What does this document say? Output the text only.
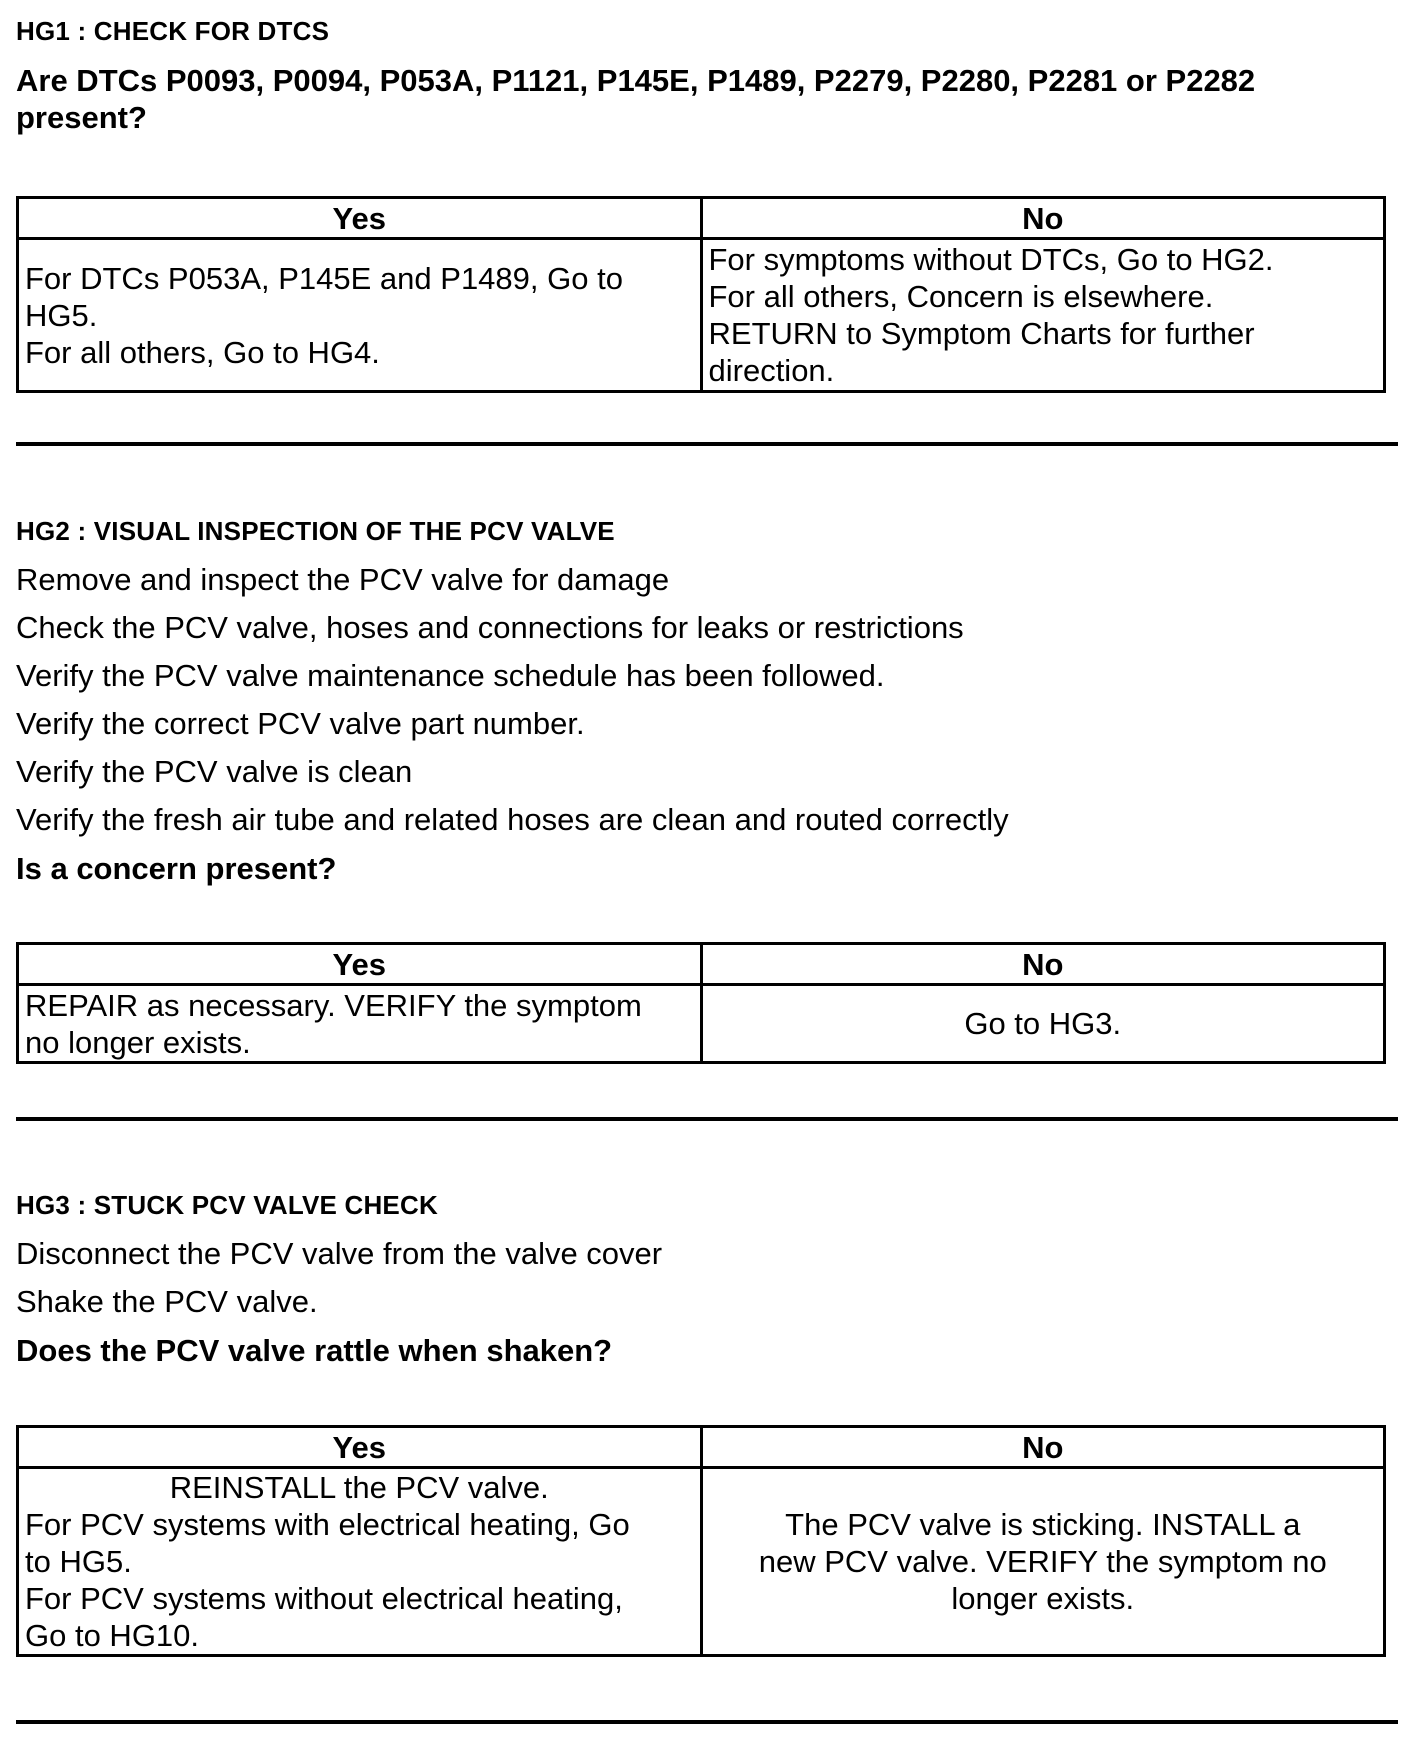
HG1 : CHECK FOR DTCS

Are DTCs P0093, P0094, P053A, P1121, P145E, P1489, P2279, P2280, P2281 or P2282 present?

Yes	No

For DTCs P053A, P145E and P1489, Go to
HG5.
For all others, Go to HG4.	For symptoms without DTCs, Go to HG2.
For all others, Concern is elsewhere.
RETURN to Symptom Charts for further
direction.

HG2 : VISUAL INSPECTION OF THE PCV VALVE

Remove and inspect the PCV valve for damage

Check the PCV valve, hoses and connections for leaks or restrictions

Verify the PCV valve maintenance schedule has been followed.

Verify the correct PCV valve part number.

Verify the PCV valve is clean

Verify the fresh air tube and related hoses are clean and routed correctly

Is a concern present?

Yes	No

REPAIR as necessary. VERIFY the symptom
no longer exists.	Go to HG3.

HG3 : STUCK PCV VALVE CHECK

Disconnect the PCV valve from the valve cover

Shake the PCV valve.

Does the PCV valve rattle when shaken?

Yes	No

REINSTALL the PCV valve.
For PCV systems with electrical heating, Go
to HG5.
For PCV systems without electrical heating,
Go to HG10.	The PCV valve is sticking. INSTALL a
new PCV valve. VERIFY the symptom no
longer exists.
